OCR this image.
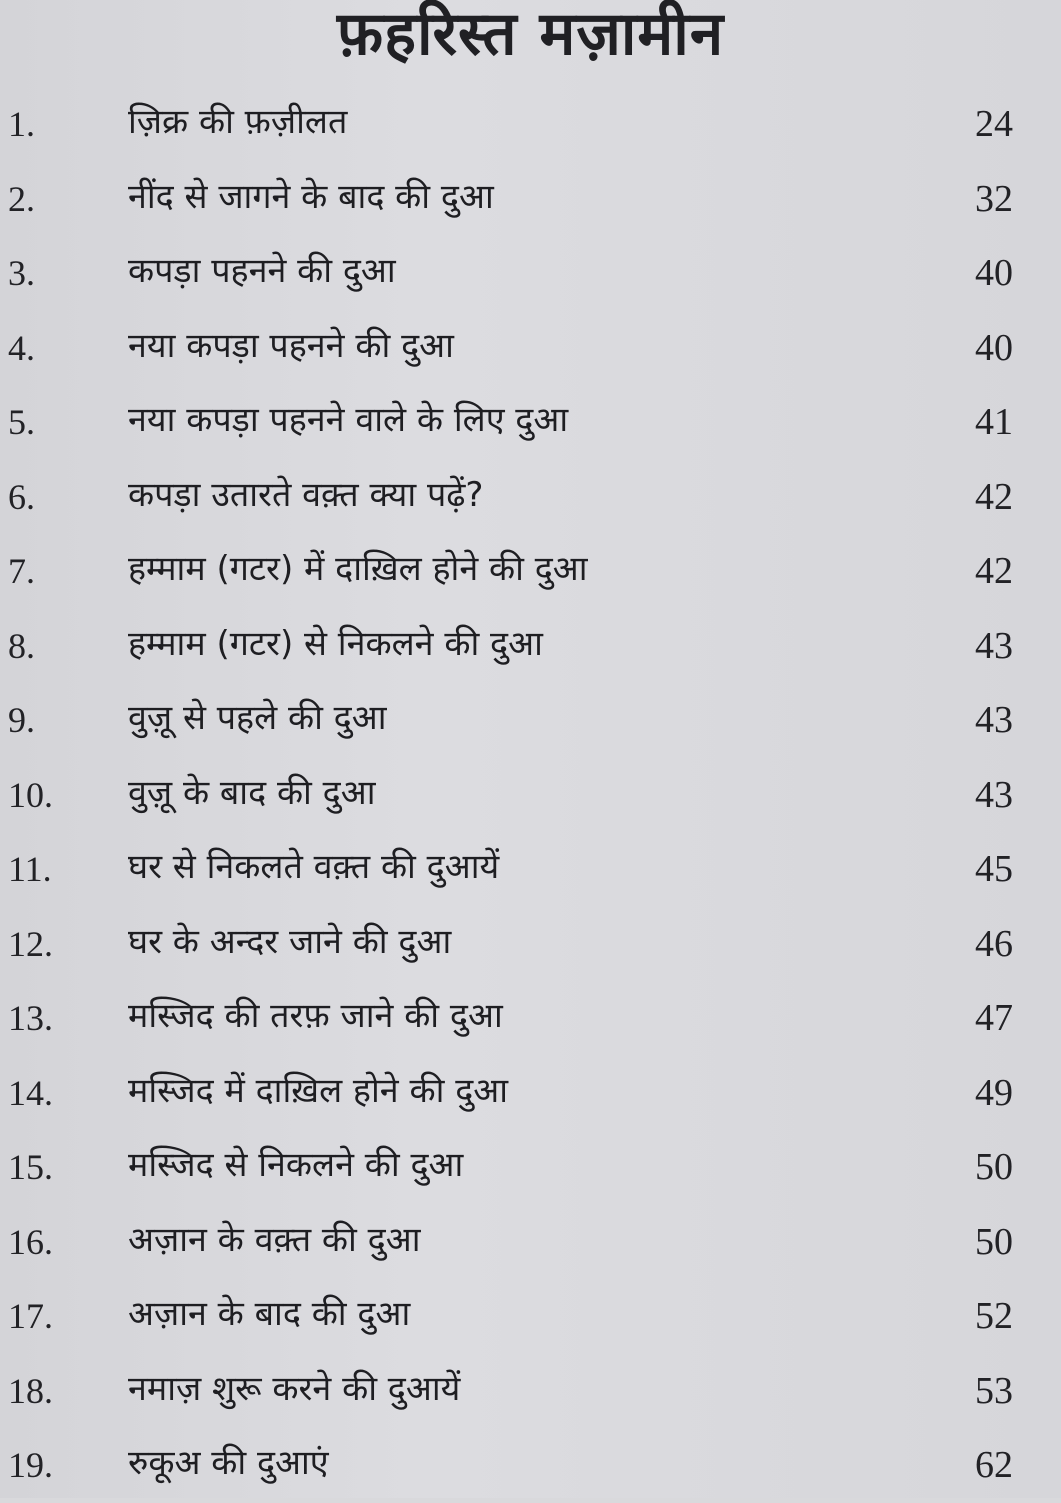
फ़हरिस्त मज़ामीन
1.	ज़िक्र की फ़ज़ीलत	24
2.	नींद से जागने के बाद की दुआ	32
3.	कपड़ा पहनने की दुआ	40
4.	नया कपड़ा पहनने की दुआ	40
5.	नया कपड़ा पहनने वाले के लिए दुआ	41
6.	कपड़ा उतारते वक़्त क्या पढ़ें?	42
7.	हम्माम (गटर) में दाख़िल होने की दुआ	42
8.	हम्माम (गटर) से निकलने की दुआ	43
9.	वुज़ू से पहले की दुआ	43
10. वुज़ू के बाद की दुआ	43
11. घर से निकलते वक़्त की दुआयें	45
12. घर के अन्दर जाने की दुआ	46
13. मस्जिद की तरफ़ जाने की दुआ	47
14. मस्जिद में दाख़िल होने की दुआ	49
15. मस्जिद से निकलने की दुआ	50
16. अज़ान के वक़्त की दुआ	50
17. अज़ान के बाद की दुआ	52
18. नमाज़ शुरू करने की दुआयें	53
19. रुकूअ की दुआएं	62
